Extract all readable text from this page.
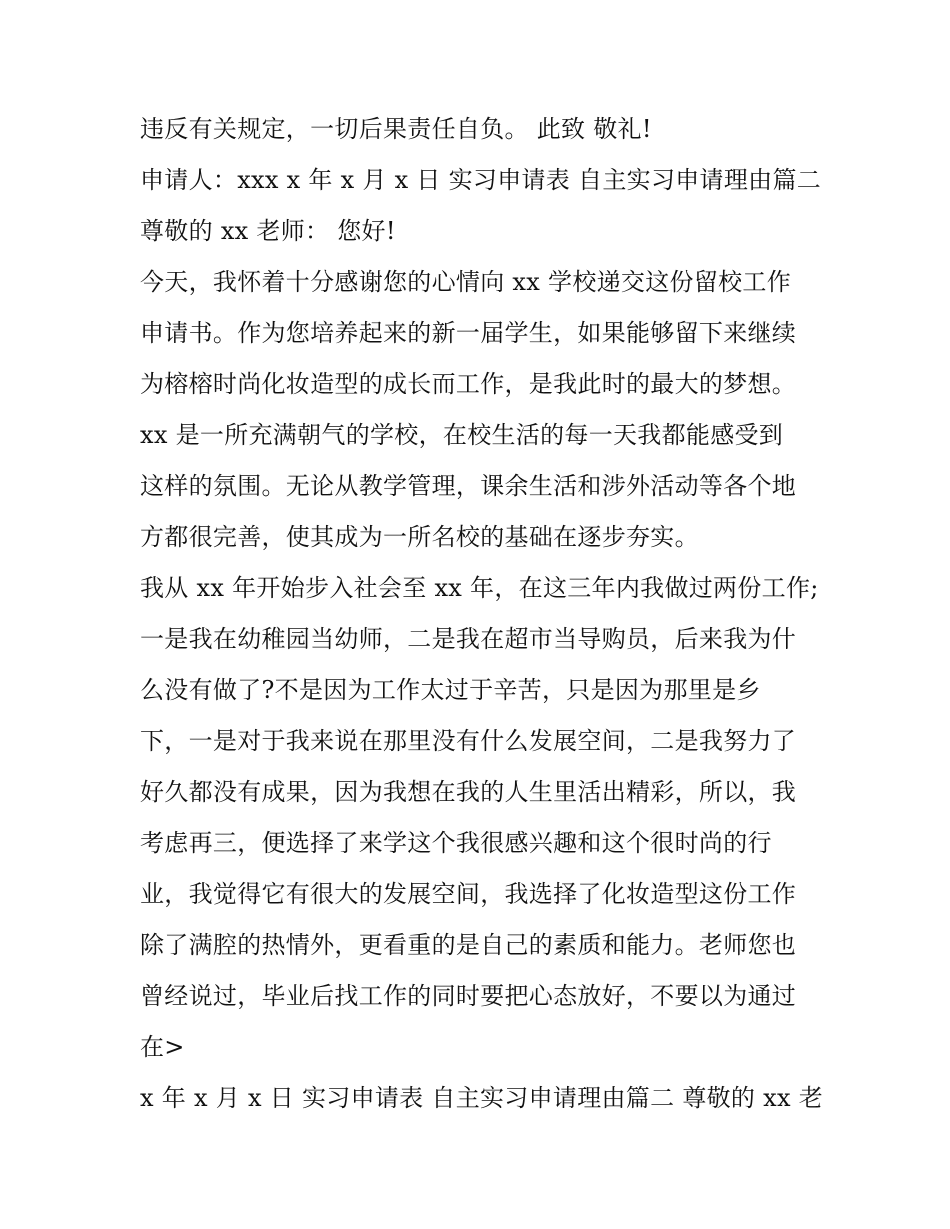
违反有关规定，一切后果责任自负。 此致 敬礼!
申请人：xxx x 年 x 月 x 日 实习申请表 自主实习申请理由篇二
尊敬的 xx 老师： 您好!
今天，我怀着十分感谢您的心情向 xx 学校递交这份留校工作
申请书。作为您培养起来的新一届学生，如果能够留下来继续
为榕榕时尚化妆造型的成长而工作，是我此时的最大的梦想。
xx 是一所充满朝气的学校，在校生活的每一天我都能感受到
这样的氛围。无论从教学管理，课余生活和涉外活动等各个地
方都很完善，使其成为一所名校的基础在逐步夯实。
我从 xx 年开始步入社会至 xx 年，在这三年内我做过两份工作;
一是我在幼稚园当幼师，二是我在超市当导购员，后来我为什
么没有做了?不是因为工作太过于辛苦，只是因为那里是乡
下，一是对于我来说在那里没有什么发展空间，二是我努力了
好久都没有成果，因为我想在我的人生里活出精彩，所以，我
考虑再三，便选择了来学这个我很感兴趣和这个很时尚的行
业，我觉得它有很大的发展空间，我选择了化妆造型这份工作
除了满腔的热情外，更看重的是自己的素质和能力。老师您也
曾经说过，毕业后找工作的同时要把心态放好，不要以为通过
在>
x 年 x 月 x 日 实习申请表 自主实习申请理由篇二 尊敬的 xx 老
